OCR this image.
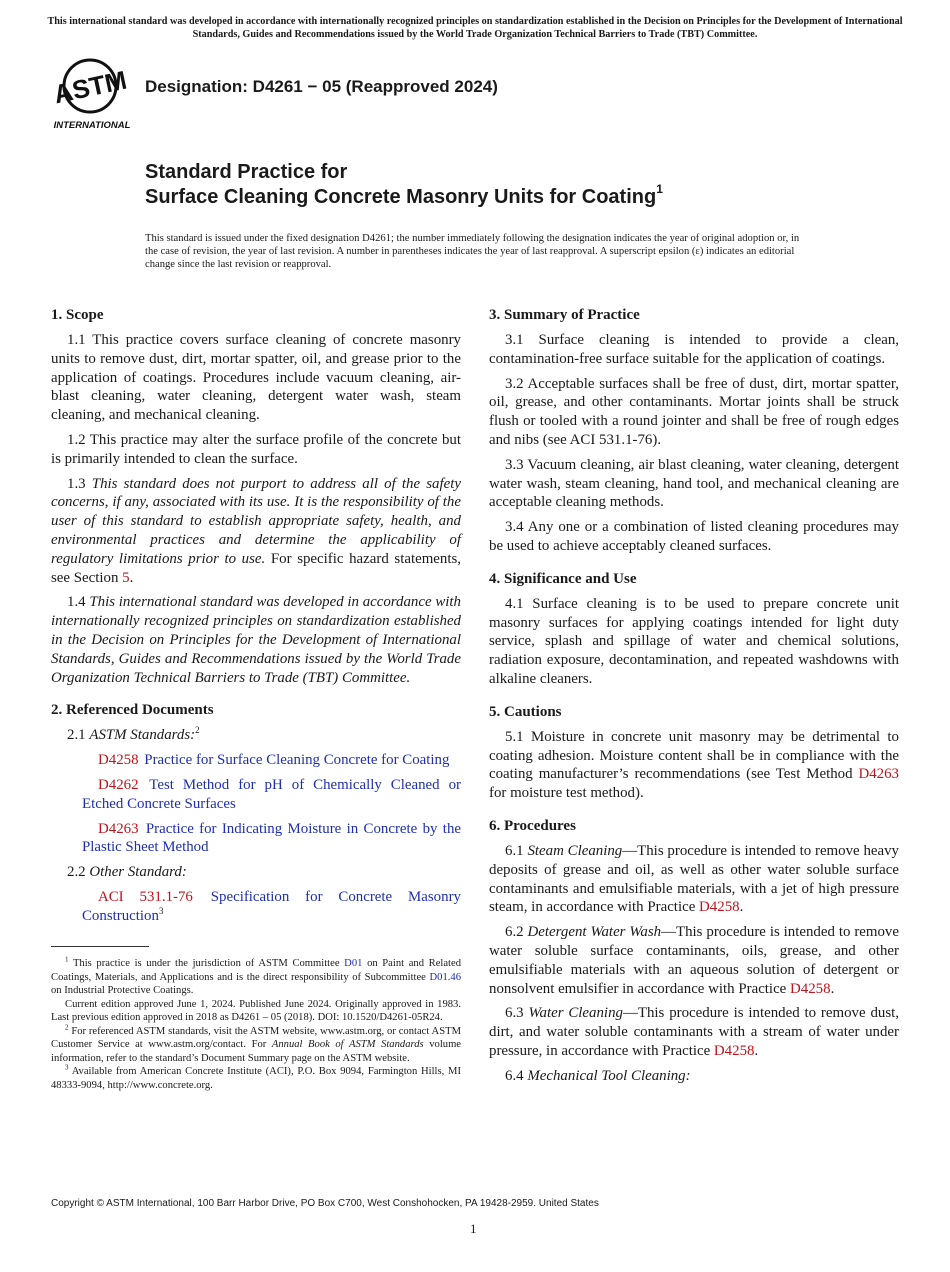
This international standard was developed in accordance with internationally recognized principles on standardization established in the Decision on Principles for the Development of International Standards, Guides and Recommendations issued by the World Trade Organization Technical Barriers to Trade (TBT) Committee.
ASTM
INTERNATIONAL
Designation: D4261 − 05 (Reapproved 2024)
Standard Practice for
Surface Cleaning Concrete Masonry Units for Coating$^1$
This standard is issued under the fixed designation D4261; the number immediately following the designation indicates the year of original adoption or, in the case of revision, the year of last revision. A number in parentheses indicates the year of last reapproval. A superscript epsilon (ε) indicates an editorial change since the last revision or reapproval.
1. Scope

1.1 This practice covers surface cleaning of concrete masonry units to remove dust, dirt, mortar spatter, oil, and grease prior to the application of coatings. Procedures include vacuum cleaning, air-blast cleaning, water cleaning, detergent water wash, steam cleaning, and mechanical cleaning.

1.2 This practice may alter the surface profile of the concrete but is primarily intended to clean the surface.

1.3 This standard does not purport to address all of the safety concerns, if any, associated with its use. It is the responsibility of the user of this standard to establish appropriate safety, health, and environmental practices and determine the applicability of regulatory limitations prior to use. For specific hazard statements, see Section 5.

1.4 This international standard was developed in accordance with internationally recognized principles on standardization established in the Decision on Principles for the Development of International Standards, Guides and Recommendations issued by the World Trade Organization Technical Barriers to Trade (TBT) Committee.

2. Referenced Documents

2.1 ASTM Standards:$^2$

D4258 Practice for Surface Cleaning Concrete for Coating

D4262 Test Method for pH of Chemically Cleaned or Etched Concrete Surfaces

D4263 Practice for Indicating Moisture in Concrete by the Plastic Sheet Method

2.2 Other Standard:

ACI 531.1-76 Specification for Concrete Masonry Construction$^3$

3. Summary of Practice

3.1 Surface cleaning is intended to provide a clean, contamination-free surface suitable for the application of coatings.

3.2 Acceptable surfaces shall be free of dust, dirt, mortar spatter, oil, grease, and other contaminants. Mortar joints shall be struck flush or tooled with a round jointer and shall be free of rough edges and nibs (see ACI 531.1-76).

3.3 Vacuum cleaning, air blast cleaning, water cleaning, detergent water wash, steam cleaning, hand tool, and mechanical cleaning are acceptable cleaning methods.

3.4 Any one or a combination of listed cleaning procedures may be used to achieve acceptably cleaned surfaces.

4. Significance and Use

4.1 Surface cleaning is to be used to prepare concrete unit masonry surfaces for applying coatings intended for light duty service, splash and spillage of water and chemical solutions, radiation exposure, decontamination, and repeated washdowns with alkaline cleaners.

5. Cautions

5.1 Moisture in concrete unit masonry may be detrimental to coating adhesion. Moisture content shall be in compliance with the coating manufacturer’s recommendations (see Test Method D4263 for moisture test method).

6. Procedures

6.1 Steam Cleaning—This procedure is intended to remove heavy deposits of grease and oil, as well as other water soluble surface contaminants and emulsifiable materials, with a jet of high pressure steam, in accordance with Practice D4258.

6.2 Detergent Water Wash—This procedure is intended to remove water soluble surface contaminants, oils, grease, and other emulsifiable materials with an aqueous solution of detergent or nonsolvent emulsifier in accordance with Practice D4258.

6.3 Water Cleaning—This procedure is intended to remove dust, dirt, and water soluble contaminants with a stream of water under pressure, in accordance with Practice D4258.

6.4 Mechanical Tool Cleaning:

$^1$ This practice is under the jurisdiction of ASTM Committee D01 on Paint and Related Coatings, Materials, and Applications and is the direct responsibility of Subcommittee D01.46 on Industrial Protective Coatings.

Current edition approved June 1, 2024. Published June 2024. Originally approved in 1983. Last previous edition approved in 2018 as D4261 – 05 (2018). DOI: 10.1520/D4261-05R24.

$^2$ For referenced ASTM standards, visit the ASTM website, www.astm.org, or contact ASTM Customer Service at www.astm.org/contact. For Annual Book of ASTM Standards volume information, refer to the standard’s Document Summary page on the ASTM website.

$^3$ Available from American Concrete Institute (ACI), P.O. Box 9094, Farmington Hills, MI 48333-9094, http://www.concrete.org.

Copyright © ASTM International, 100 Barr Harbor Drive, PO Box C700, West Conshohocken, PA 19428-2959. United States
1
